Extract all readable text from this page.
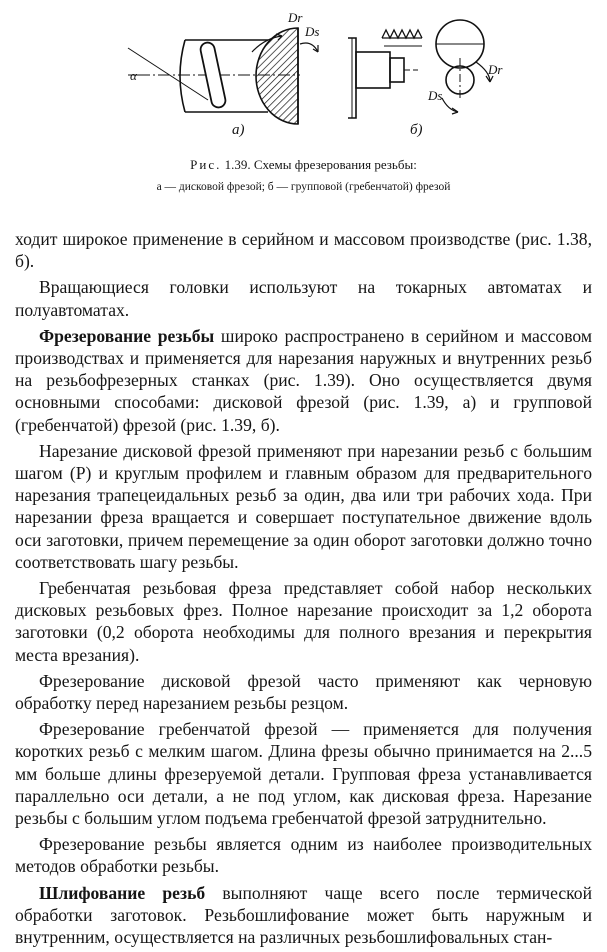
α
Dr
Ds
Ds
Dr
а)	б)
Рис. 1.39. Схемы фрезерования резьбы:
а — дисковой фрезой; б — групповой (гребенчатой) фрезой

ходит широкое применение в серийном и массовом производстве (рис. 1.38, б).

Вращающиеся головки используют на токарных автоматах и полуавтоматах.

Фрезерование резьбы широко распространено в серийном и массовом производствах и применяется для нарезания наружных и внутренних резьб на резьбофрезерных станках (рис. 1.39). Оно осуществляется двумя основными способами: дисковой фрезой (рис. 1.39, а) и групповой (гребенчатой) фрезой (рис. 1.39, б).

Нарезание дисковой фрезой применяют при нарезании резьб с большим шагом (Р) и круглым профилем и главным образом для предварительного нарезания трапецеидальных резьб за один, два или три рабочих хода. При нарезании фреза вращается и совершает поступательное движение вдоль оси заготовки, причем перемещение за один оборот заготовки должно точно соответствовать шагу резьбы.

Гребенчатая резьбовая фреза представляет собой набор нескольких дисковых резьбовых фрез. Полное нарезание происходит за 1,2 оборота заготовки (0,2 оборота необходимы для полного врезания и перекрытия места врезания).

Фрезерование дисковой фрезой часто применяют как черновую обработку перед нарезанием резьбы резцом.

Фрезерование гребенчатой фрезой — применяется для получения коротких резьб с мелким шагом. Длина фрезы обычно принимается на 2...5 мм больше длины фрезеруемой детали. Групповая фреза устанавливается параллельно оси детали, а не под углом, как дисковая фреза. Нарезание резьбы с большим углом подъема гребенчатой фрезой затруднительно.

Фрезерование резьбы является одним из наиболее производительных методов обработки резьбы.

Шлифование резьб выполняют чаще всего после термической обработки заготовок. Резьбошлифование может быть наружным и внутренним, осуществляется на различных резьбошлифовальных стан-
